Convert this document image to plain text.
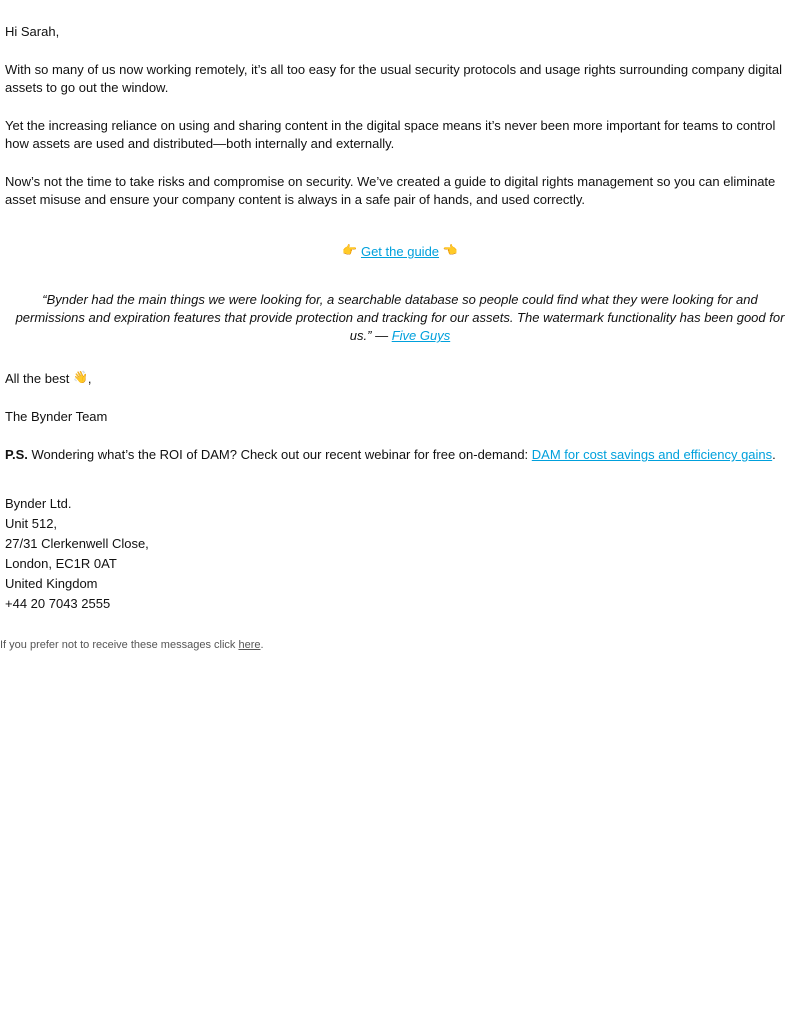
Hi Sarah,

With so many of us now working remotely, it’s all too easy for the usual security protocols and usage rights surrounding company digital assets to go out the window.

Yet the increasing reliance on using and sharing content in the digital space means it’s never been more important for teams to control how assets are used and distributed—both internally and externally.

Now’s not the time to take risks and compromise on security. We’ve created a guide to digital rights management so you can eliminate asset misuse and ensure your company content is always in a safe pair of hands, and used correctly.

👉 Get the guide 👈

“Bynder had the main things we were looking for, a searchable database so people could find what they were looking for and permissions and expiration features that provide protection and tracking for our assets. The watermark functionality has been good for us.” — Five Guys

All the best 👋,

The Bynder Team

P.S. Wondering what’s the ROI of DAM? Check out our recent webinar for free on-demand: DAM for cost savings and efficiency gains.

Bynder Ltd.
Unit 512,
27/31 Clerkenwell Close,
London, EC1R 0AT
United Kingdom
+44 20 7043 2555
If you prefer not to receive these messages click here.
